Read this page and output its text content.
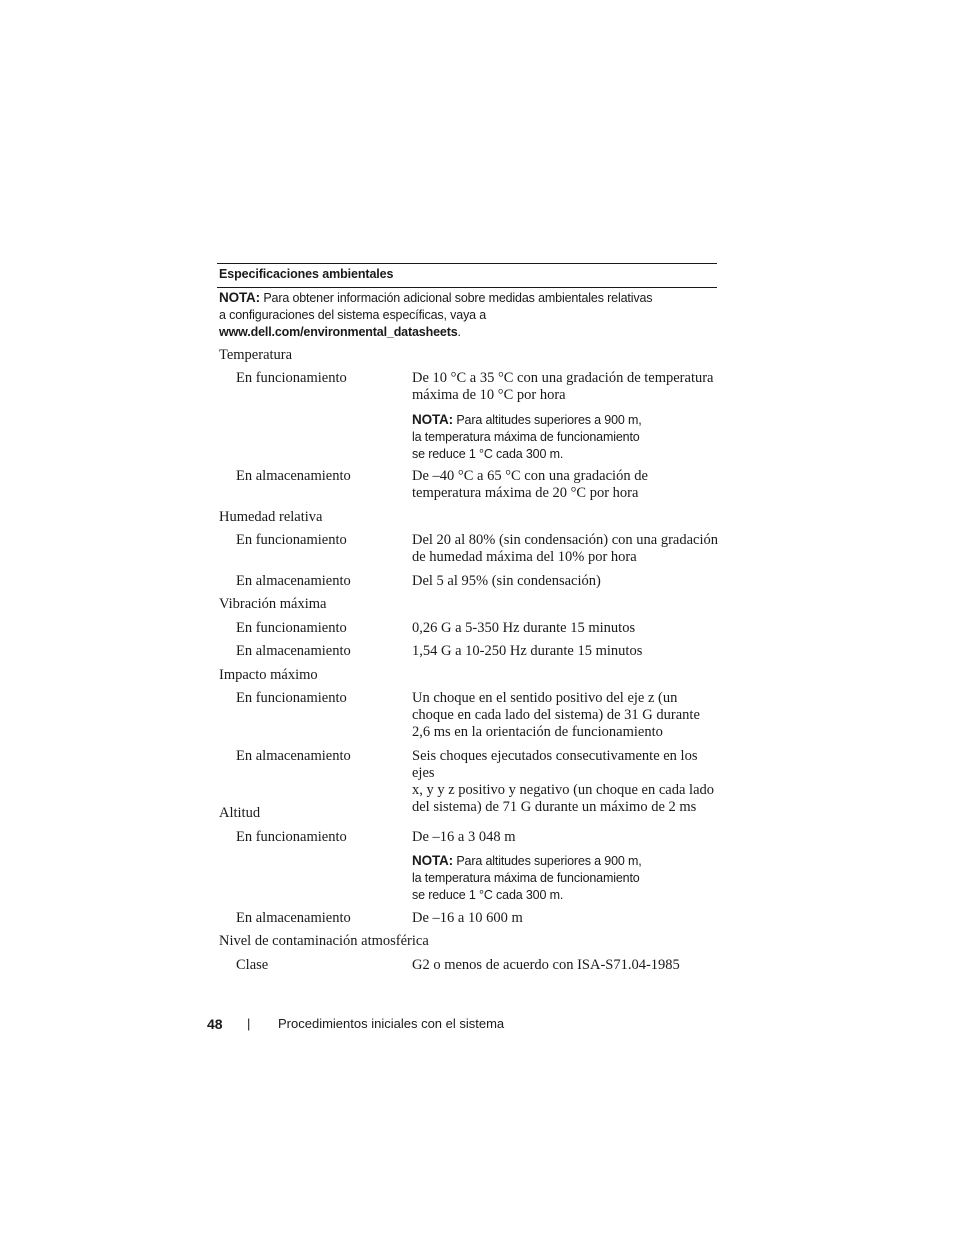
Especificaciones ambientales
NOTA: Para obtener información adicional sobre medidas ambientales relativas
a configuraciones del sistema específicas, vaya a
www.dell.com/environmental_datasheets.
Temperatura
En funcionamiento	De 10 °C a 35 °C con una gradación de temperatura
máxima de 10 °C por hora
NOTA: Para altitudes superiores a 900 m,
la temperatura máxima de funcionamiento
se reduce 1 °C cada 300 m.
En almacenamiento	De –40 °C a 65 °C con una gradación de
temperatura máxima de 20 °C por hora
Humedad relativa
En funcionamiento	Del 20 al 80% (sin condensación) con una gradación
de humedad máxima del 10% por hora
En almacenamiento	Del 5 al 95% (sin condensación)
Vibración máxima
En funcionamiento	0,26 G a 5-350 Hz durante 15 minutos
En almacenamiento	1,54 G a 10-250 Hz durante 15 minutos
Impacto máximo
En funcionamiento	Un choque en el sentido positivo del eje z (un
choque en cada lado del sistema) de 31 G durante
2,6 ms en la orientación de funcionamiento
En almacenamiento	Seis choques ejecutados consecutivamente en los ejes
x, y y z positivo y negativo (un choque en cada lado
del sistema) de 71 G durante un máximo de 2 ms
Altitud
En funcionamiento	De –16 a 3 048 m
NOTA: Para altitudes superiores a 900 m,
la temperatura máxima de funcionamiento
se reduce 1 °C cada 300 m.
En almacenamiento	De –16 a 10 600 m
Nivel de contaminación atmosférica
Clase	G2 o menos de acuerdo con ISA-S71.04-1985
48 | Procedimientos iniciales con el sistema
